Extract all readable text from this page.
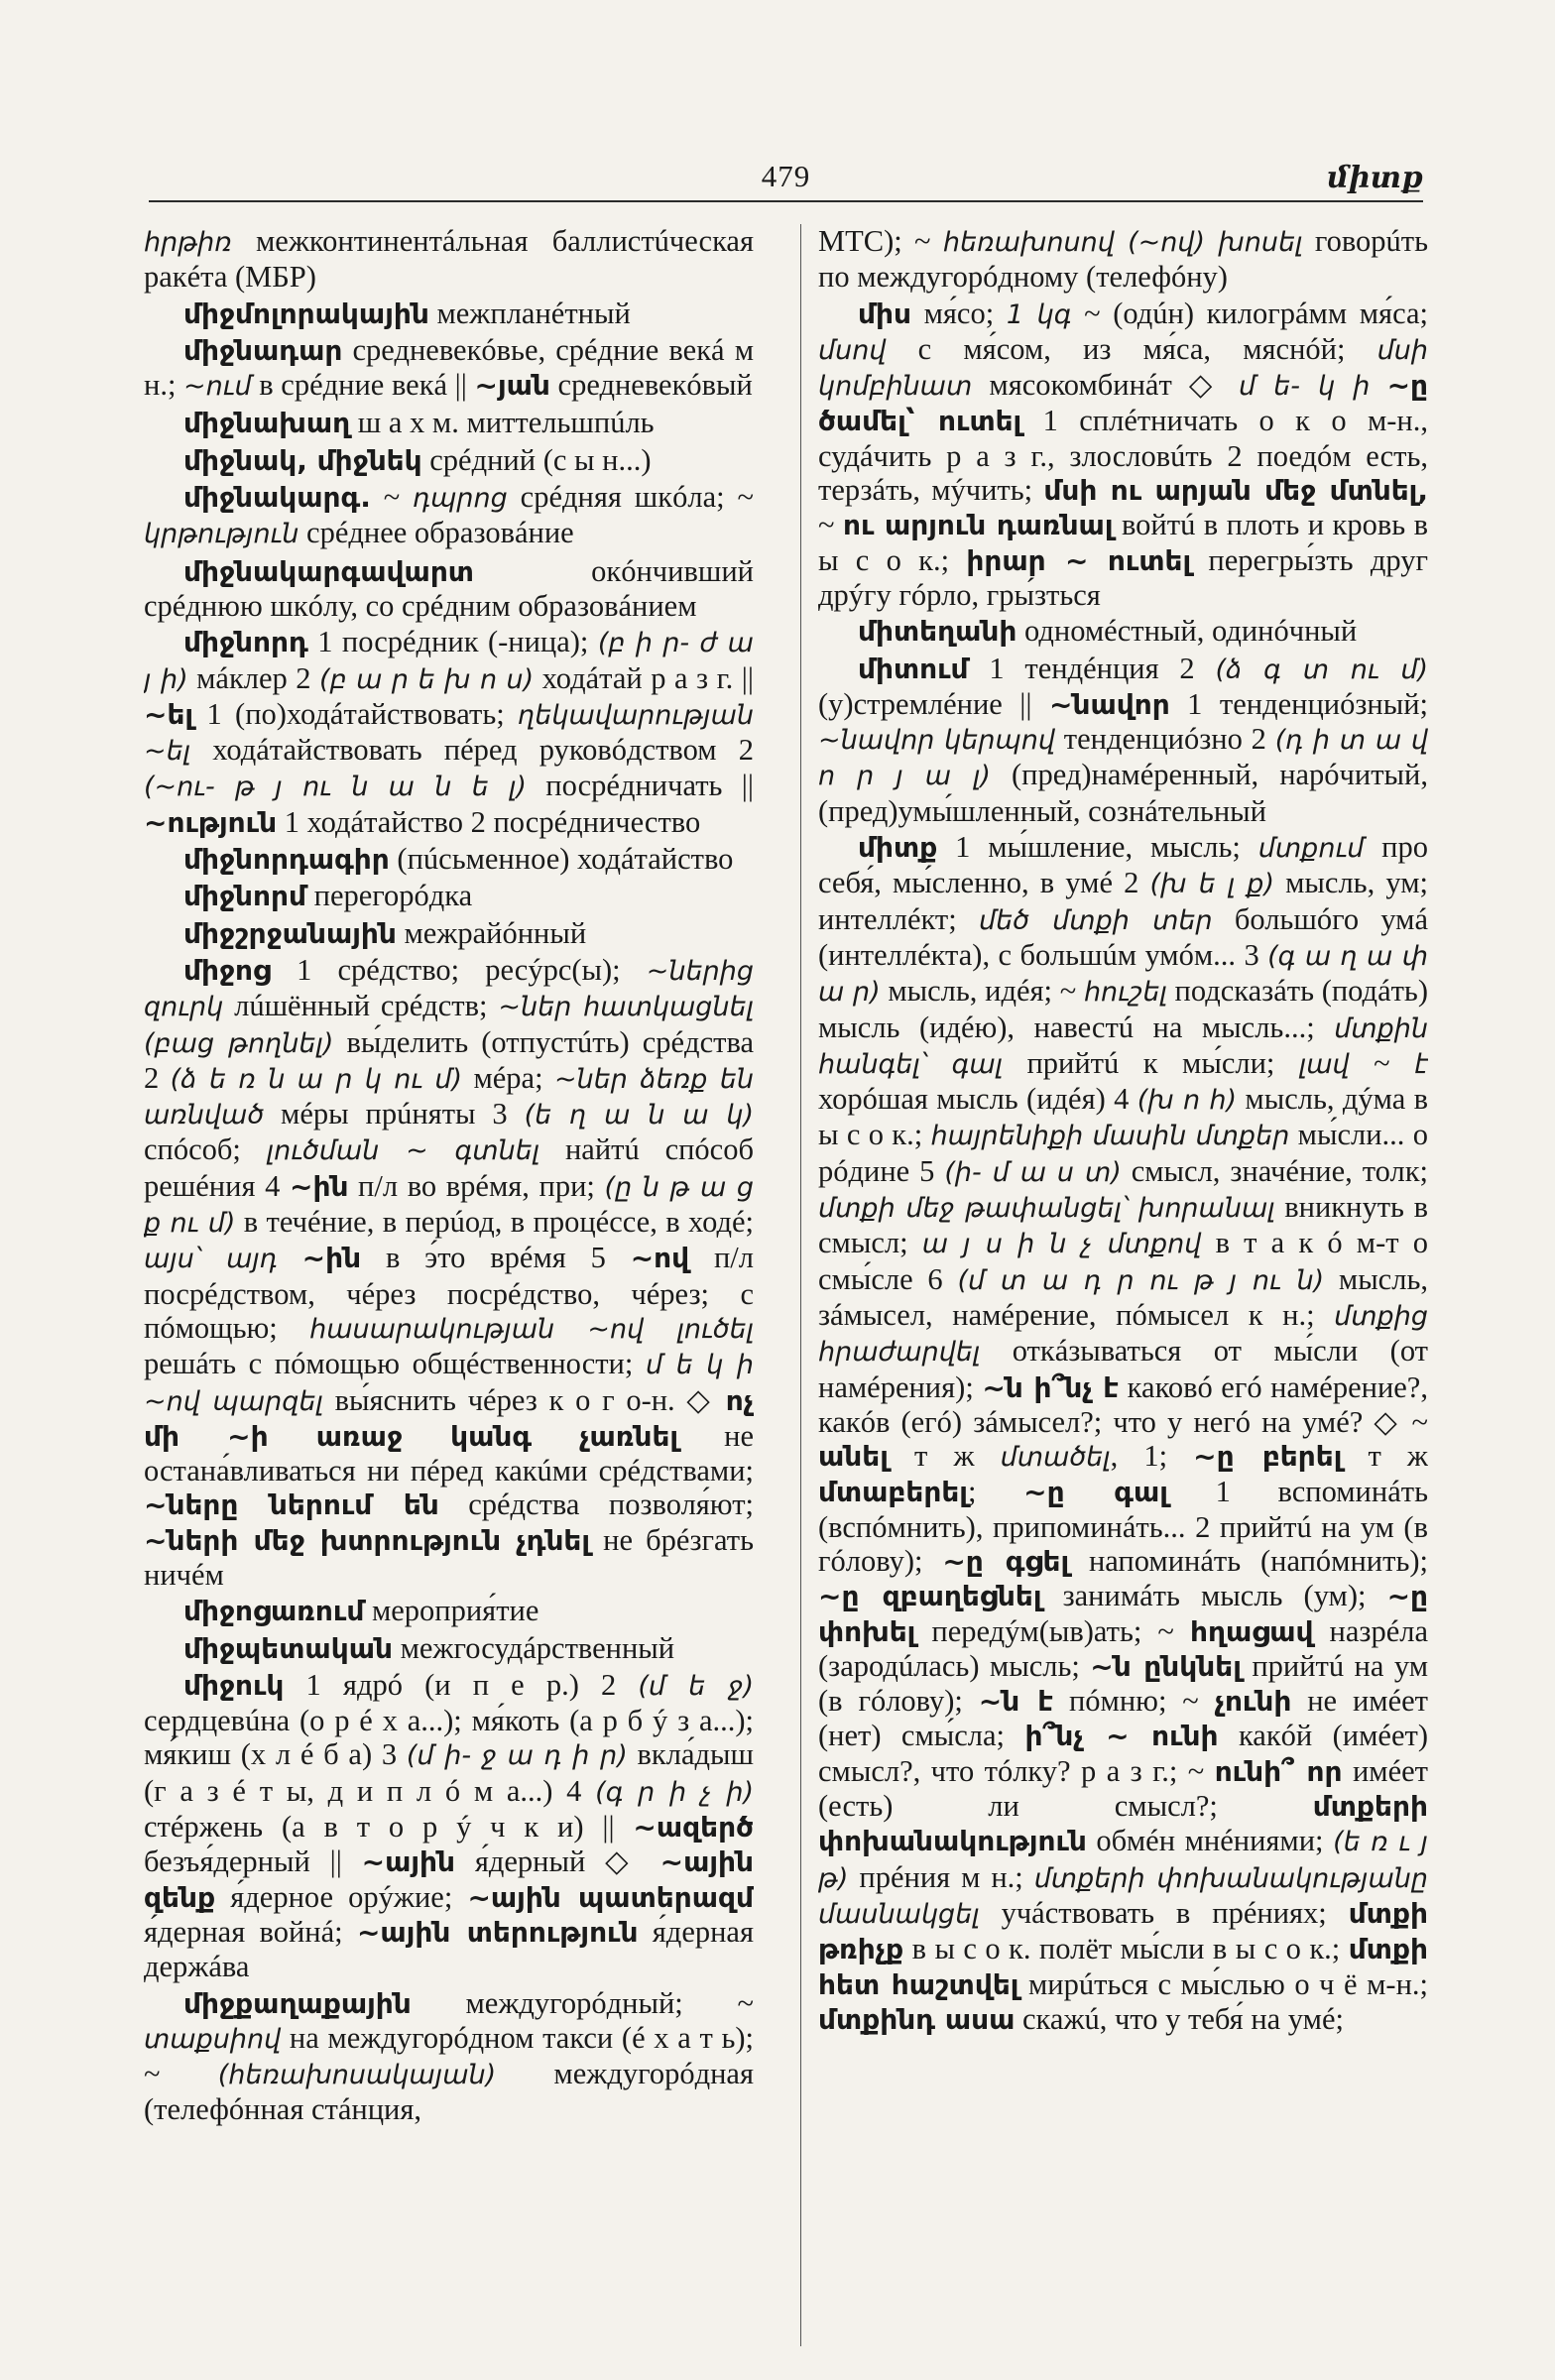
479	միտք

հրթիռ межконтинентáльная баллистúческая ракéта (МБР)

միջմոլորակային межпланéтный

միջնադար средневекóвье, срéдние векá м н.; ~ում в срéдние векá || ~յան средневекóвый

միջնախաղ ш а х м. миттельшпúль

միջնակ, միջնեկ срéдний (с ы н...)

միջնակարգ. ~ դպրոց срéдняя шкóла; ~ կրթություն срéднее образовáние

միջնակարգավարտ окóнчивший срéднюю шкóлу, со срéдним образовáнием

միջնորդ 1 посрéдник (-ница); (բ ի ր- ժ ա յ ի) мáклер 2 (բ ա ր ե խ ո ս) ходáтай р а з г. || ~ել 1 (по)ходáтайствовать; ղեկավարության ~ել ходáтайствовать пéред руковóдством 2 (~ու- թ յ ու ն ա ն ե լ) посрéдничать || ~ություն 1 ходáтайство 2 посрéдничество

միջնորդագիր (пúсьменное) ходáтайство

միջնորմ перегорóдка

միջշրջանային межрайóнный

միջոց 1 срéдство; ресýрс(ы); ~ներից զուրկ лúшённый срéдств; ~ներ հատկացնել (բաց թողնել) вы́делить (отпустúть) срéдства 2 (ձ ե ռ ն ա ր կ ու մ) мéра; ~ներ ձեռք են առնված мéры прúняты 3 (ե ղ ա ն ա կ) спóсоб; լուծման ~ գտնել найтú спóсоб решéния 4 ~ին п/л во врéмя, при; (ը ն թ ա ց ք ու մ) в течéние, в перúод, в процéссе, в ходé; այս՝ այդ ~ին в э́то врéмя 5 ~ով п/л посрéдством, чéрез посрéдство, чéрез; с пóмощью; հասարակության ~ով լուծել решáть с пóмощью общéственности; մ ե կ ի ~ով պարզել вы́яснить чéрез к о г о-н. ◇ ոչ մի ~ի առաջ կանգ չառնել не остана́вливаться ни пéред какúми срéдствами; ~ները ներում են срéдства позволя́ют; ~ների մեջ խտրություն չդնել не брéзгать ничéм

միջոցառում мероприя́тие

միջպետական межгосудáрственный

միջուկ 1 ядрó (и п е р.) 2 (մ ե ջ) сердцевúна (о р é х а...); мя́коть (а р б ý з а...); мя́киш (х л é б а) 3 (մ ի- ջ ա դ ի ր) вкла́дыш (г а з é т ы, д и п л ó м а...) 4 (գ ր ի չ ի) стéржень (а в т о р ý ч к и) || ~ազերծ безъя́дерный || ~ային я́дерный ◇ ~ային զենք я́дерное орýжие; ~ային պատերազմ я́дерная войнá; ~ային տերություն я́дерная держáва

միջքաղաքային междугорóдный; ~ տաքսիով на междугорóдном такси (é х а т ь); ~ (հեռախոսակայան) междугорóдная (телефóнная стáнция,

МТС); ~ հեռախոսով (~ով) խոսել говорúть по междугорóдному (телефóну)

միս мя́со; 1 կգ ~ (одúн) килогрáмм мя́са; մսով с мя́сом, из мя́са, мяснóй; մսի կոմբինատ мясокомбинáт ◇ մ ե- կ ի ~ը ծամել՝ ուտել 1 сплéтничать о к о м-н., судáчить р а з г., злословúть 2 поедóм есть, терзáть, мýчить; մսի ու արյան մեջ մտնել, ~ ու արյուն դառնալ войтú в плоть и кровь в ы с о к.; իրար ~ ուտել перегры́зть друг дрýгу гóрло, гры́зться

միտեղանի одномéстный, одинóчный

միտում 1 тендéнция 2 (ձ գ տ ու մ) (у)стремлéние || ~նավոր 1 тенденциóзный; ~նավոր կերպով тенденциóзно 2 (դ ի տ ա վ ո ր յ ա լ) (пред)намéренный, нарóчитый, (пред)умы́шленный, сознáтельный

միտք 1 мы́шление, мысль; մտքում про себя́, мы́сленно, в умé 2 (խ ե լ ք) мысль, ум; интеллéкт; մեծ մտքի տեր большóго умá (интеллéкта), с большúм умóм... 3 (գ ա ղ ա փ ա ր) мысль, идéя; ~ հուշել подсказáть (подáть) мысль (идéю), навестú на мысль...; մտքին հանգել՝ գալ прийтú к мы́сли; լավ ~ է хорóшая мысль (идéя) 4 (խ ո հ) мысль, дýма в ы с о к.; հայրենիքի մասին մտքեր мы́сли... о рóдине 5 (ի- մ ա ս տ) смысл, значéние, толк; մտքի մեջ թափանցել՝ խորանալ вникнуть в смысл; ա յ ս ի ն չ մտքով в т а к ó м-т о смы́сле 6 (մ տ ա դ ր ու թ յ ու ն) мысль, зáмысел, намéрение, пóмысел к н.; մտքից հրաժարվել откáзываться от мы́сли (от намéрения); ~ն ի՞նչ է каковó егó намéрение?, какóв (егó) зáмысел?; что у негó на умé? ◇ ~ անել т ж մտածել, 1; ~ը բերել т ж մտաբերել; ~ը գալ 1 вспоминáть (вспóмнить), припоминáть... 2 прийтú на ум (в гóлову); ~ը գցել напоминáть (напóмнить); ~ը զբաղեցնել занимáть мысль (ум); ~ը փոխել передýм(ыв)ать; ~ հղացավ назрéла (зародúлась) мысль; ~ն ընկնել прийтú на ум (в гóлову); ~ն է пóмню; ~ չունի не имéет (нет) смы́сла; ի՞նչ ~ ունի какóй (имéет) смысл?, что тóлку? р а з г.; ~ ունի՞ որ имéет (есть) ли смысл?; մտքերի փոխանակություն обмéн мнéниями; (ե ռ ւ յ թ) прéния м н.; մտքերի փոխանակությանը մասնակցել учáствовать в прéниях; մտքի թռիչք в ы с о к. полёт мы́сли в ы с о к.; մտքի հետ հաշտվել мирúться с мы́слью о ч ё м-н.; մտքինդ ասա скажú, что у тебя́ на умé;
